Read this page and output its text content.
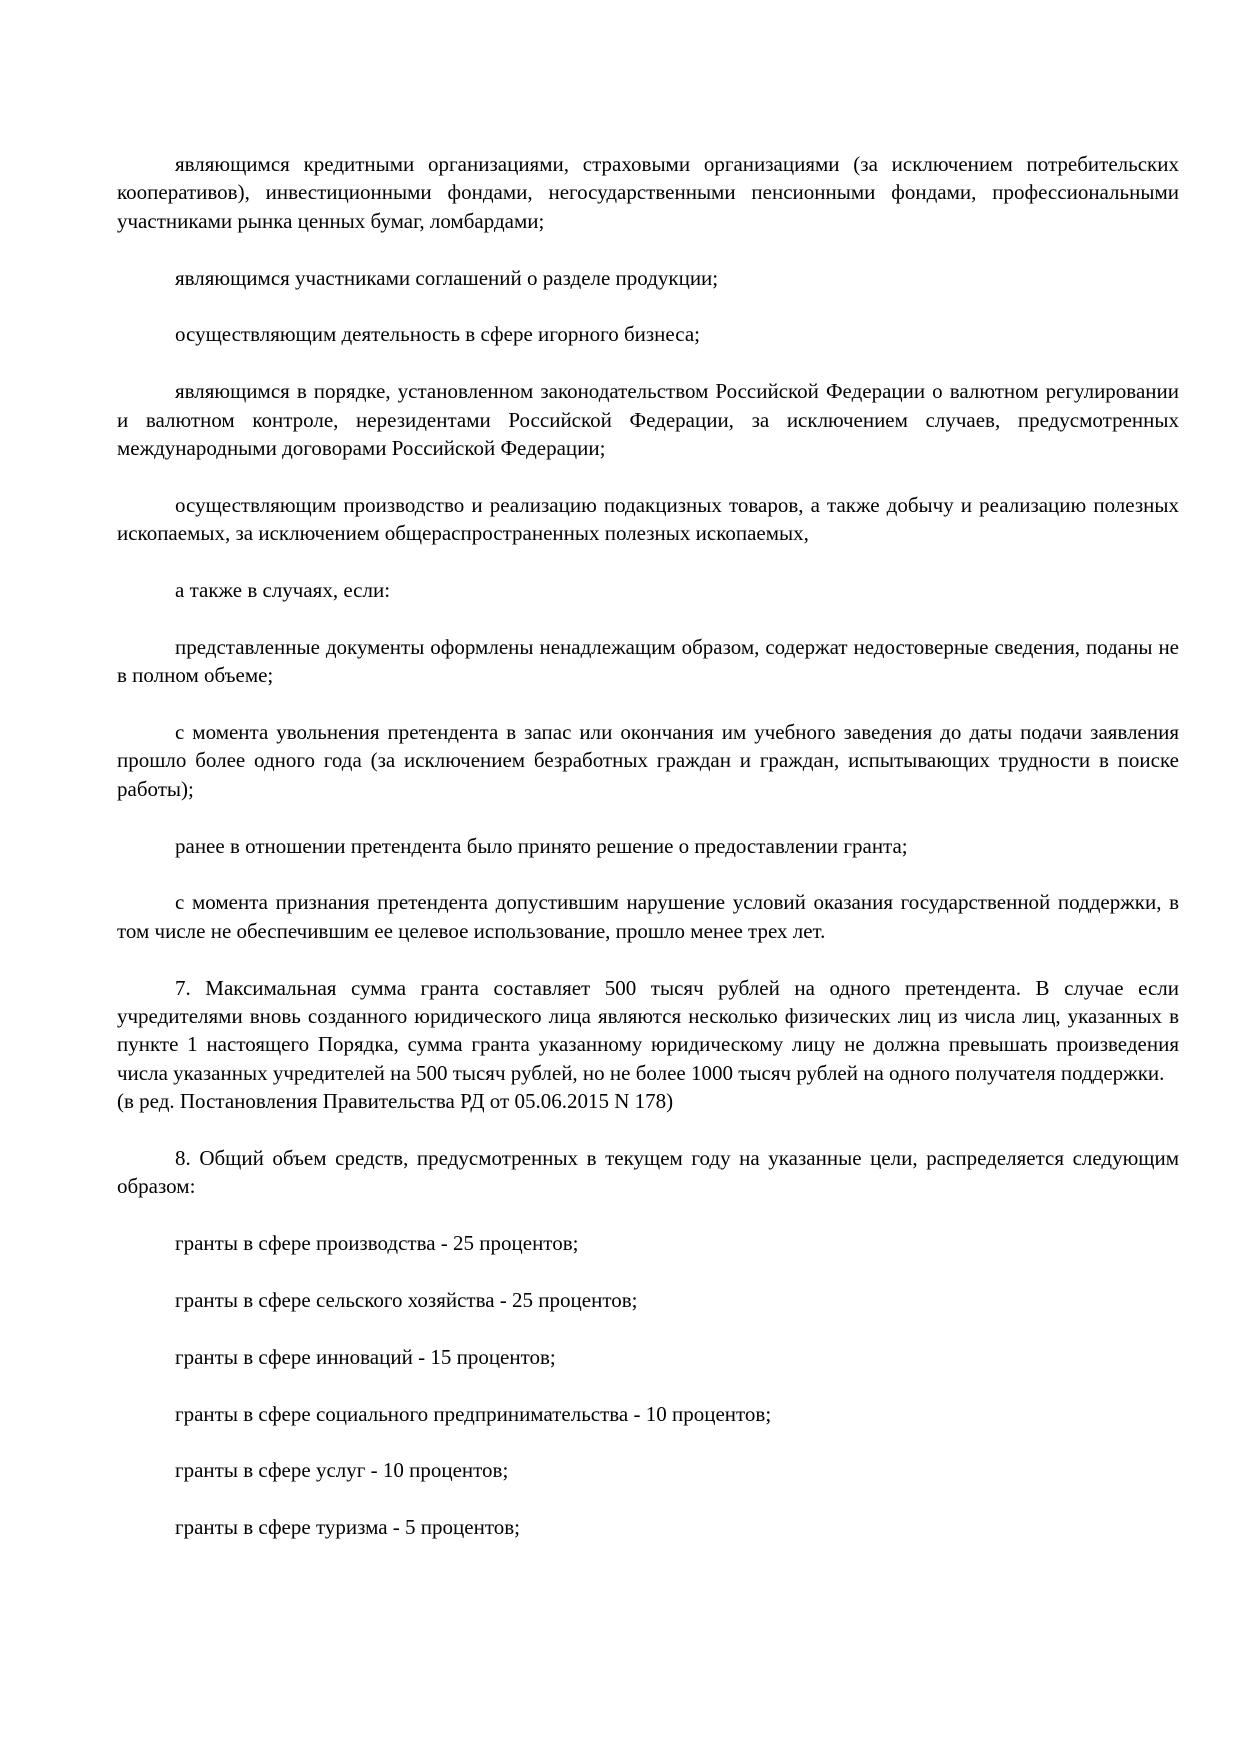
являющимся кредитными организациями, страховыми организациями (за исключением потребительских кооперативов), инвестиционными фондами, негосударственными пенсионными фондами, профессиональными участниками рынка ценных бумаг, ломбардами;

являющимся участниками соглашений о разделе продукции;

осуществляющим деятельность в сфере игорного бизнеса;

являющимся в порядке, установленном законодательством Российской Федерации о валютном регулировании и валютном контроле, нерезидентами Российской Федерации, за исключением случаев, предусмотренных международными договорами Российской Федерации;

осуществляющим производство и реализацию подакцизных товаров, а также добычу и реализацию полезных ископаемых, за исключением общераспространенных полезных ископаемых,

а также в случаях, если:

представленные документы оформлены ненадлежащим образом, содержат недостоверные сведения, поданы не в полном объеме;

с момента увольнения претендента в запас или окончания им учебного заведения до даты подачи заявления прошло более одного года (за исключением безработных граждан и граждан, испытывающих трудности в поиске работы);

ранее в отношении претендента было принято решение о предоставлении гранта;

с момента признания претендента допустившим нарушение условий оказания государственной поддержки, в том числе не обеспечившим ее целевое использование, прошло менее трех лет.

7. Максимальная сумма гранта составляет 500 тысяч рублей на одного претендента. В случае если учредителями вновь созданного юридического лица являются несколько физических лиц из числа лиц, указанных в пункте 1 настоящего Порядка, сумма гранта указанному юридическому лицу не должна превышать произведения числа указанных учредителей на 500 тысяч рублей, но не более 1000 тысяч рублей на одного получателя поддержки.

(в ред. Постановления Правительства РД от 05.06.2015 N 178)

8. Общий объем средств, предусмотренных в текущем году на указанные цели, распределяется следующим образом:

гранты в сфере производства - 25 процентов;

гранты в сфере сельского хозяйства - 25 процентов;

гранты в сфере инноваций - 15 процентов;

гранты в сфере социального предпринимательства - 10 процентов;

гранты в сфере услуг - 10 процентов;

гранты в сфере туризма - 5 процентов;
